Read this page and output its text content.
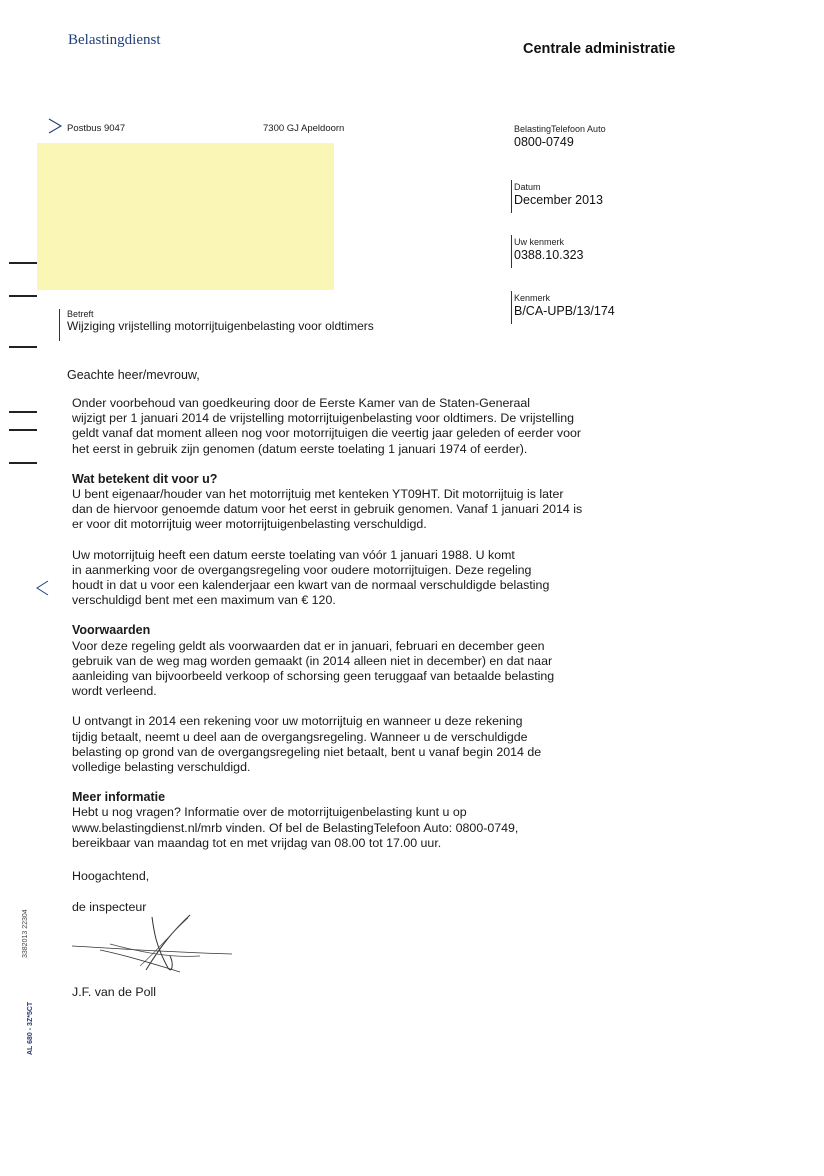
Belastingdienst
Centrale administratie
Postbus 9047	7300 GJ Apeldoorn	BelastingTelefoon Auto
0800-0749
Datum
December 2013
Uw kenmerk
0388.10.323
Kenmerk
B/CA-UPB/13/174
Betreft
Wijziging vrijstelling motorrijtuigenbelasting voor oldtimers
Geachte heer/mevrouw,

Onder voorbehoud van goedkeuring door de Eerste Kamer van de Staten-Generaal
wijzigt per 1 januari 2014 de vrijstelling motorrijtuigenbelasting voor oldtimers. De vrijstelling
geldt vanaf dat moment alleen nog voor motorrijtuigen die veertig jaar geleden of eerder voor
het eerst in gebruik zijn genomen (datum eerste toelating 1 januari 1974 of eerder).

Wat betekent dit voor u?

U bent eigenaar/houder van het motorrijtuig met kenteken YT09HT. Dit motorrijtuig is later
dan de hiervoor genoemde datum voor het eerst in gebruik genomen. Vanaf 1 januari 2014 is
er voor dit motorrijtuig weer motorrijtuigenbelasting verschuldigd.

Uw motorrijtuig heeft een datum eerste toelating van vóór 1 januari 1988. U komt
in aanmerking voor de overgangsregeling voor oudere motorrijtuigen. Deze regeling
houdt in dat u voor een kalenderjaar een kwart van de normaal verschuldigde belasting
verschuldigd bent met een maximum van € 120.

Voorwaarden

Voor deze regeling geldt als voorwaarden dat er in januari, februari en december geen
gebruik van de weg mag worden gemaakt (in 2014 alleen niet in december) en dat naar
aanleiding van bijvoorbeeld verkoop of schorsing geen teruggaaf van betaalde belasting
wordt verleend.

U ontvangt in 2014 een rekening voor uw motorrijtuig en wanneer u deze rekening
tijdig betaalt, neemt u deel aan de overgangsregeling. Wanneer u de verschuldigde
belasting op grond van de overgangsregeling niet betaalt, bent u vanaf begin 2014 de
volledige belasting verschuldigd.

Meer informatie

Hebt u nog vragen? Informatie over de motorrijtuigenbelasting kunt u op
www.belastingdienst.nl/mrb vinden. Of bel de BelastingTelefoon Auto: 0800-0749,
bereikbaar van maandag tot en met vrijdag van 08.00 tot 17.00 uur.

Hoogachtend,
de inspecteur
J.F. van de Poll
3382013 22304
AL 680 - 3Z*5CT
